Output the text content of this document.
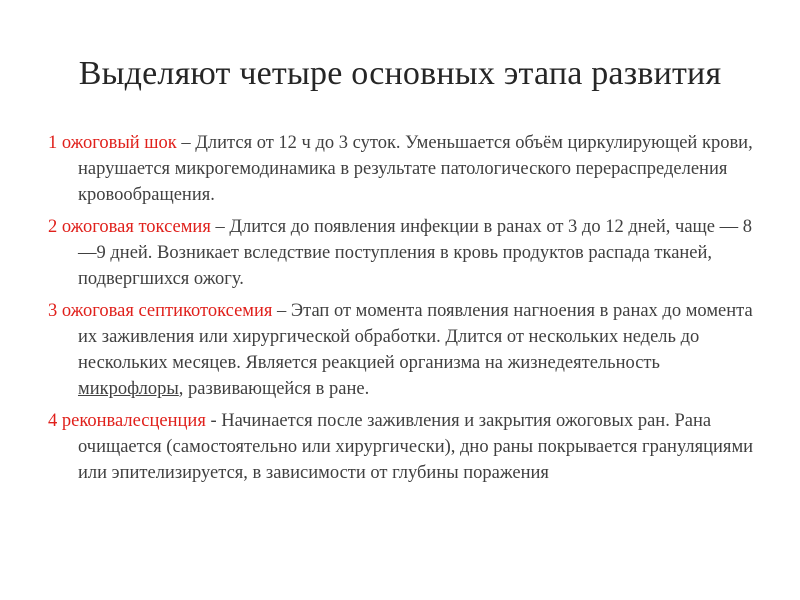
Выделяют четыре основных этапа развития
1 ожоговый шок – Длится от 12 ч до 3 суток. Уменьшается объём циркулирующей крови, нарушается микрогемодинамика в результате патологического перераспределения кровообращения.
2 ожоговая токсемия – Длится до появления инфекции в ранах от 3 до 12 дней, чаще — 8—9 дней. Возникает вследствие поступления в кровь продуктов распада тканей, подвергшихся ожогу.
3 ожоговая септикотоксемия – Этап от момента появления нагноения в ранах до момента их заживления или хирургической обработки. Длится от нескольких недель до нескольких месяцев. Является реакцией организма на жизнедеятельность микрофлоры, развивающейся в ране.
4 реконвалесценция - Начинается после заживления и закрытия ожоговых ран. Рана очищается (самостоятельно или хирургически), дно раны покрывается грануляциями или эпителизируется, в зависимости от глубины поражения
